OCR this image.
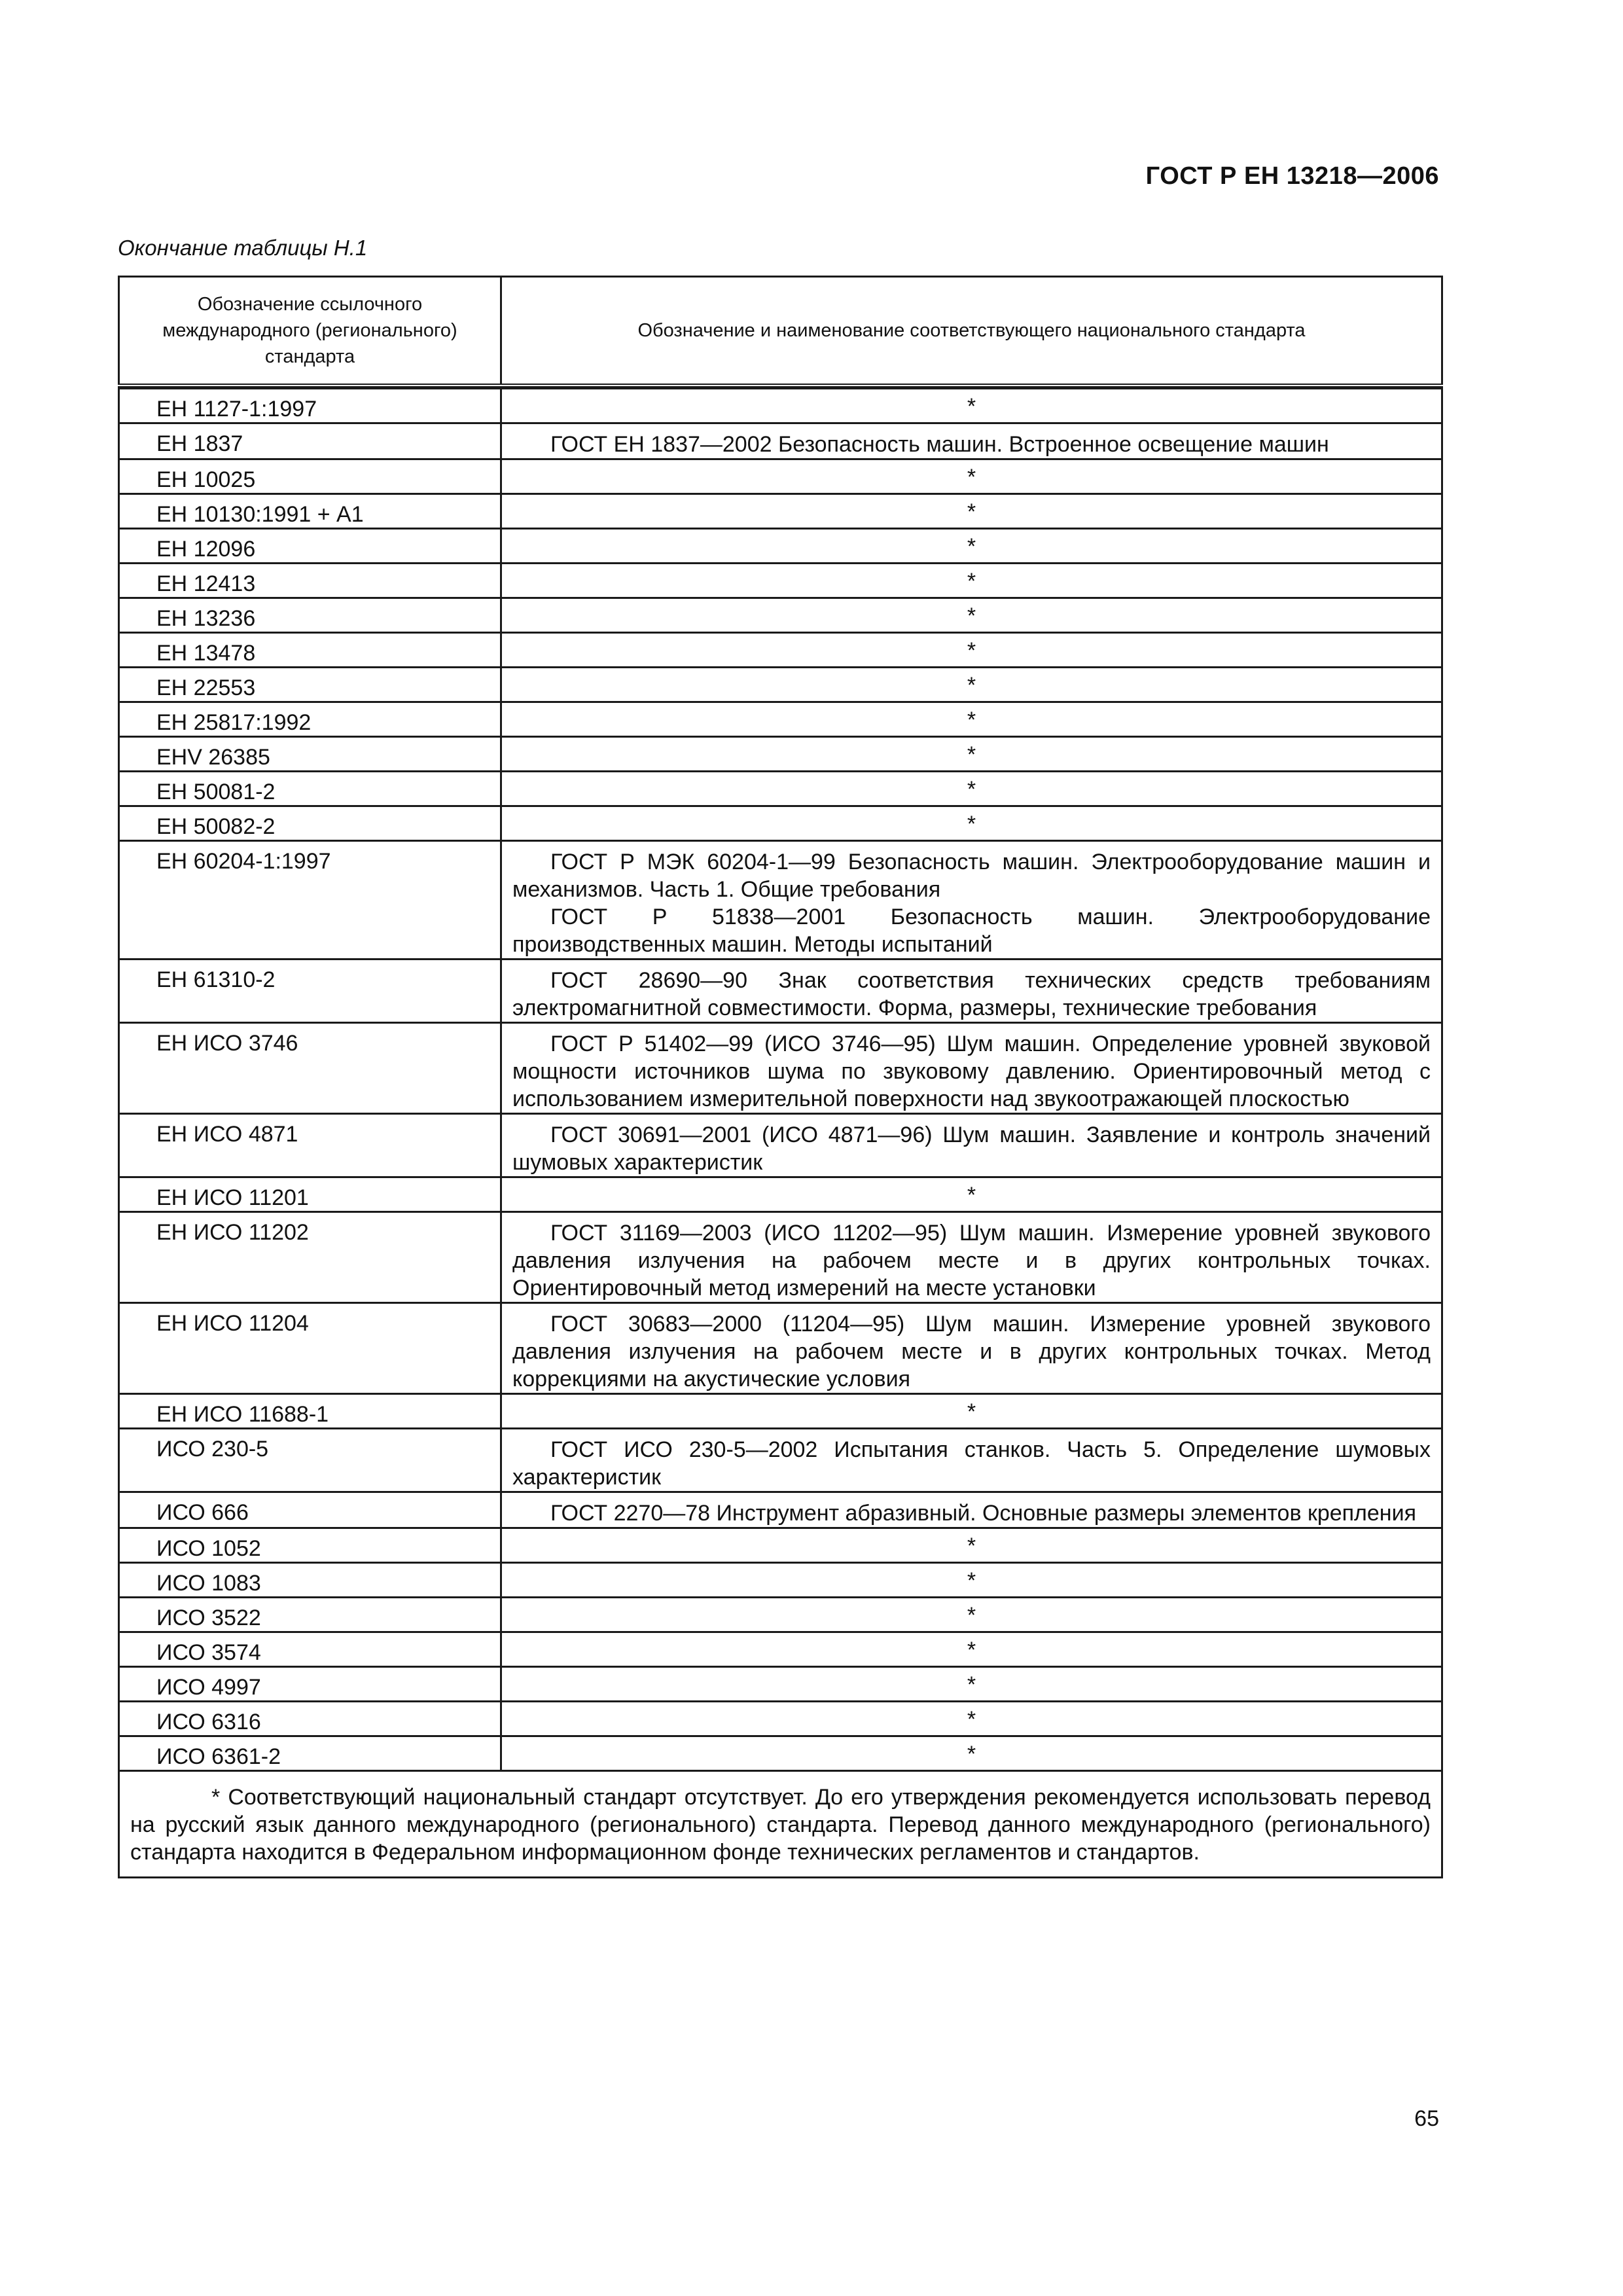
ГОСТ Р ЕН 13218—2006
Окончание таблицы Н.1
Обозначение ссылочного международного (регионального) стандарта	Обозначение и наименование соответствующего национального стандарта

ЕН 1127-1:1997	*
ЕН 1837	ГОСТ ЕН 1837—2002 Безопасность машин. Встроенное освещение машин

ЕН 10025	*
ЕН 10130:1991 + A1	*
ЕН 12096	*
ЕН 12413	*
ЕН 13236	*
ЕН 13478	*
ЕН 22553	*
ЕН 25817:1992	*
ЕНV 26385	*
ЕН 50081-2	*
ЕН 50082-2	*
ЕН 60204-1:1997	ГОСТ Р МЭК 60204-1—99 Безопасность машин. Электрооборудование машин и механизмов. Часть 1. Общие требования
ГОСТ Р 51838—2001 Безопасность машин. Электрооборудование производственных машин. Методы испытаний

ЕН 61310-2	ГОСТ 28690—90 Знак соответствия технических средств требованиям электромагнитной совместимости. Форма, размеры, технические требования

ЕН ИСО 3746	ГОСТ Р 51402—99 (ИСО 3746—95) Шум машин. Определение уровней звуковой мощности источников шума по звуковому давлению. Ориентировочный метод с использованием измерительной поверхности над звукоотражающей плоскостью

ЕН ИСО 4871	ГОСТ 30691—2001 (ИСО 4871—96) Шум машин. Заявление и контроль значений шумовых характеристик

ЕН ИСО 11201	*
ЕН ИСО 11202	ГОСТ 31169—2003 (ИСО 11202—95) Шум машин. Измерение уровней звукового давления излучения на рабочем месте и в других контрольных точках. Ориентировочный метод измерений на месте установки

ЕН ИСО 11204	ГОСТ 30683—2000 (11204—95) Шум машин. Измерение уровней звукового давления излучения на рабочем месте и в других контрольных точках. Метод коррекциями на акустические условия

ЕН ИСО 11688-1	*
ИСО 230-5	ГОСТ ИСО 230-5—2002 Испытания станков. Часть 5. Определение шумовых характеристик

ИСО 666	ГОСТ 2270—78 Инструмент абразивный. Основные размеры элементов крепления

ИСО 1052	*
ИСО 1083	*
ИСО 3522	*
ИСО 3574	*
ИСО 4997	*
ИСО 6316	*
ИСО 6361-2	*

* Соответствующий национальный стандарт отсутствует. До его утверждения рекомендуется использовать перевод на русский язык данного международного (регионального) стандарта. Перевод данного международного (регионального) стандарта находится в Федеральном информационном фонде технических регламентов и стандартов.	
65
